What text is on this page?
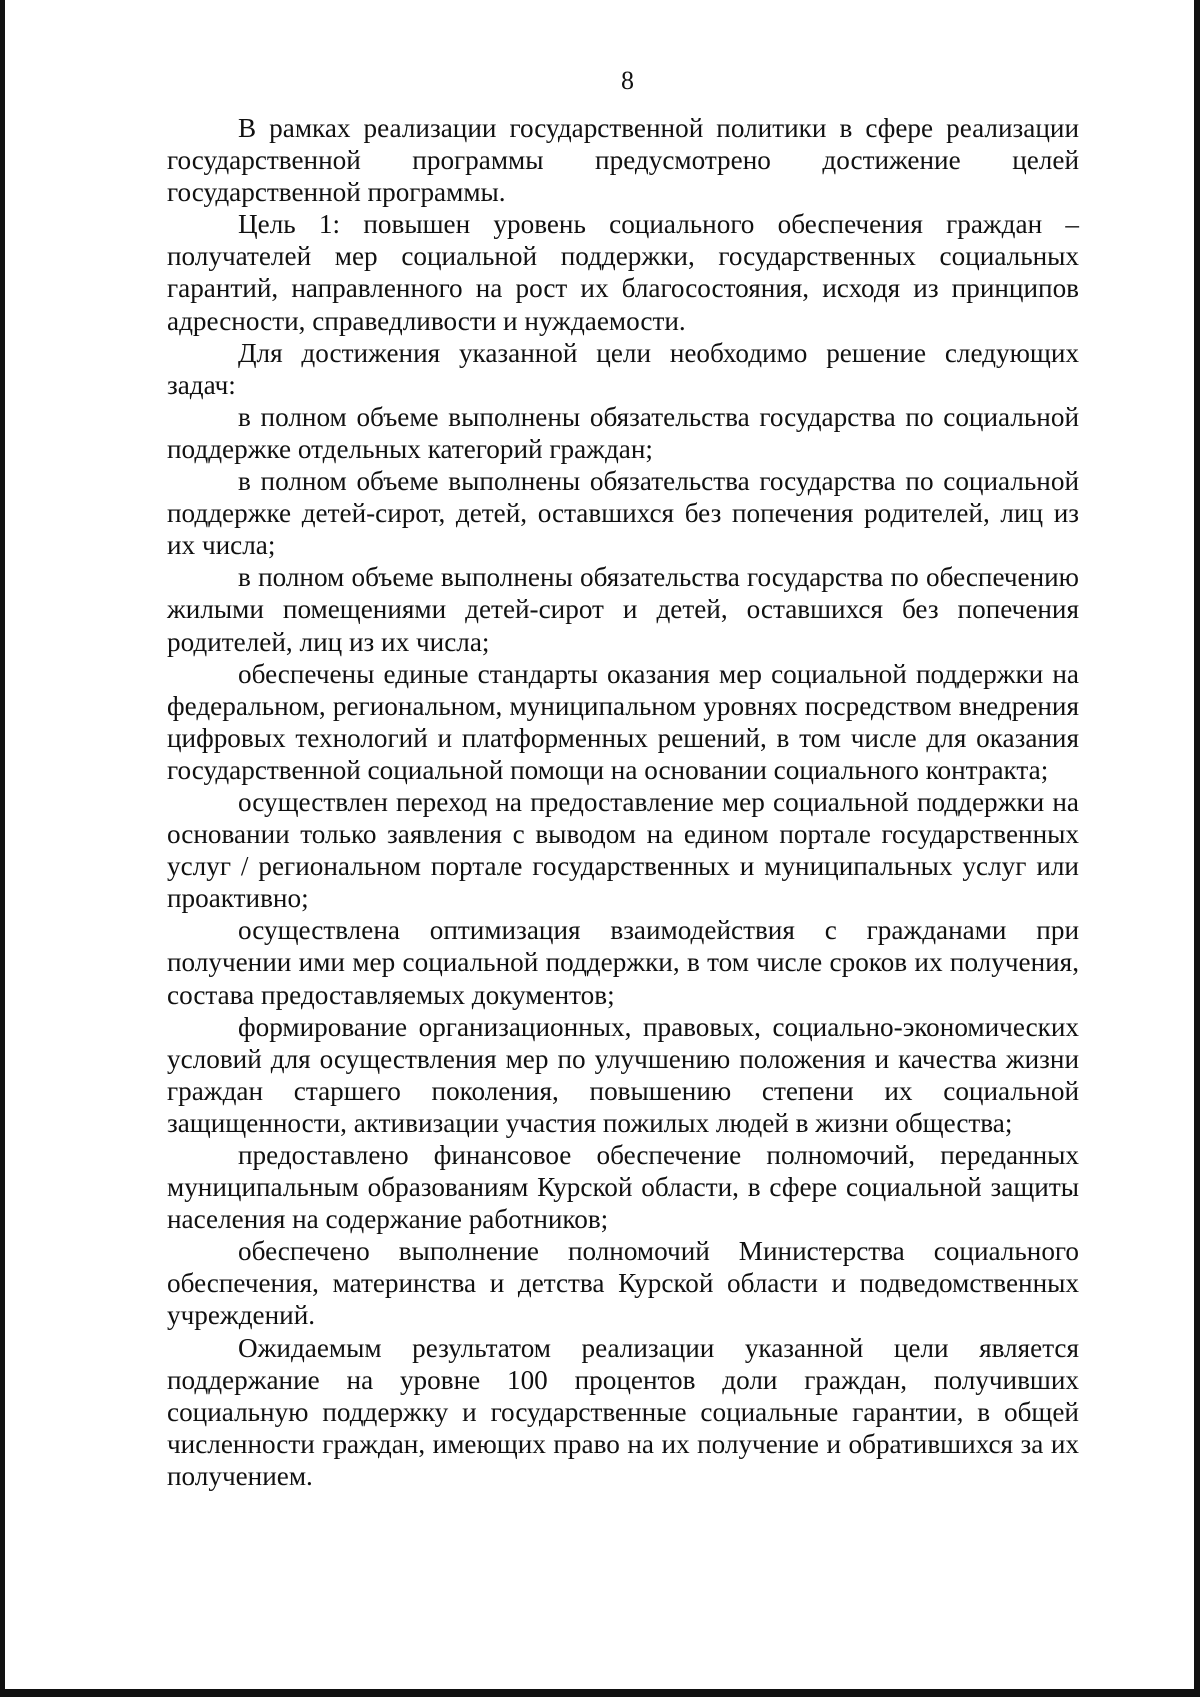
8

В рамках реализации государственной политики в сфере реализации государственной программы предусмотрено достижение целей государственной программы.

Цель 1: повышен уровень социального обеспечения граждан – получателей мер социальной поддержки, государственных социальных гарантий, направленного на рост их благосостояния, исходя из принципов адресности, справедливости и нуждаемости.

Для достижения указанной цели необходимо решение следующих задач:

в полном объеме выполнены обязательства государства по социальной поддержке отдельных категорий граждан;

в полном объеме выполнены обязательства государства по социальной поддержке детей-сирот, детей, оставшихся без попечения родителей, лиц из их числа;

в полном объеме выполнены обязательства государства по обеспечению жилыми помещениями детей-сирот и детей, оставшихся без попечения родителей, лиц из их числа;

обеспечены единые стандарты оказания мер социальной поддержки на федеральном, региональном, муниципальном уровнях посредством внедрения цифровых технологий и платформенных решений, в том числе для оказания государственной социальной помощи на основании социального контракта;

осуществлен переход на предоставление мер социальной поддержки на основании только заявления с выводом на едином портале государственных услуг / региональном портале государственных и муниципальных услуг или проактивно;

осуществлена оптимизация взаимодействия с гражданами при получении ими мер социальной поддержки, в том числе сроков их получения, состава предоставляемых документов;

формирование организационных, правовых, социально-экономических условий для осуществления мер по улучшению положения и качества жизни граждан старшего поколения, повышению степени их социальной защищенности, активизации участия пожилых людей в жизни общества;

предоставлено финансовое обеспечение полномочий, переданных муниципальным образованиям Курской области, в сфере социальной защиты населения на содержание работников;

обеспечено выполнение полномочий Министерства социального обеспечения, материнства и детства Курской области и подведомственных учреждений.

Ожидаемым результатом реализации указанной цели является поддержание на уровне 100 процентов доли граждан, получивших социальную поддержку и государственные социальные гарантии, в общей численности граждан, имеющих право на их получение и обратившихся за их получением.
